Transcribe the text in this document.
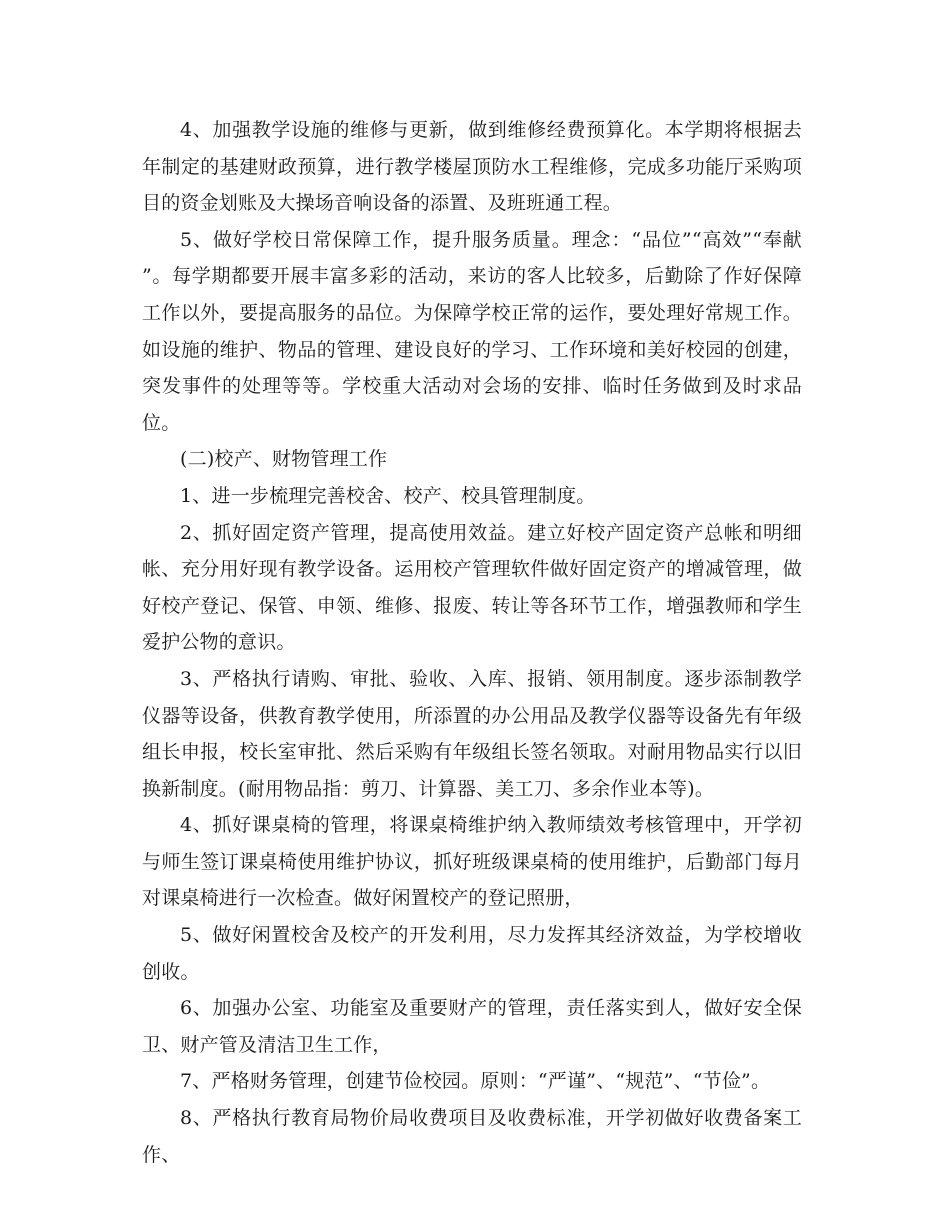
4、加强教学设施的维修与更新，做到维修经费预算化。本学期将根据去年制定的基建财政预算，进行教学楼屋顶防水工程维修，完成多功能厅采购项目的资金划账及大操场音响设备的添置、及班班通工程。

5、做好学校日常保障工作，提升服务质量。理念：“品位”“高效”“奉献 ”。每学期都要开展丰富多彩的活动，来访的客人比较多，后勤除了作好保障工作以外，要提高服务的品位。为保障学校正常的运作，要处理好常规工作。如设施的维护、物品的管理、建设良好的学习、工作环境和美好校园的创建，突发事件的处理等等。学校重大活动对会场的安排、临时任务做到及时求品位。

(二)校产、财物管理工作

1、进一步梳理完善校舍、校产、校具管理制度。

2、抓好固定资产管理，提高使用效益。建立好校产固定资产总帐和明细帐、充分用好现有教学设备。运用校产管理软件做好固定资产的增减管理，做好校产登记、保管、申领、维修、报废、转让等各环节工作，增强教师和学生爱护公物的意识。

3、严格执行请购、审批、验收、入库、报销、领用制度。逐步添制教学仪器等设备，供教育教学使用，所添置的办公用品及教学仪器等设备先有年级组长申报，校长室审批、然后采购有年级组长签名领取。对耐用物品实行以旧换新制度。(耐用物品指：剪刀、计算器、美工刀、多余作业本等)。

4、抓好课桌椅的管理，将课桌椅维护纳入教师绩效考核管理中，开学初与师生签订课桌椅使用维护协议，抓好班级课桌椅的使用维护，后勤部门每月对课桌椅进行一次检查。做好闲置校产的登记照册，

5、做好闲置校舍及校产的开发利用，尽力发挥其经济效益，为学校增收创收。

6、加强办公室、功能室及重要财产的管理，责任落实到人，做好安全保卫、财产管及清洁卫生工作，

7、严格财务管理，创建节俭校园。原则：“严谨”、“规范”、“节俭”。

8、严格执行教育局物价局收费项目及收费标准，开学初做好收费备案工作、
